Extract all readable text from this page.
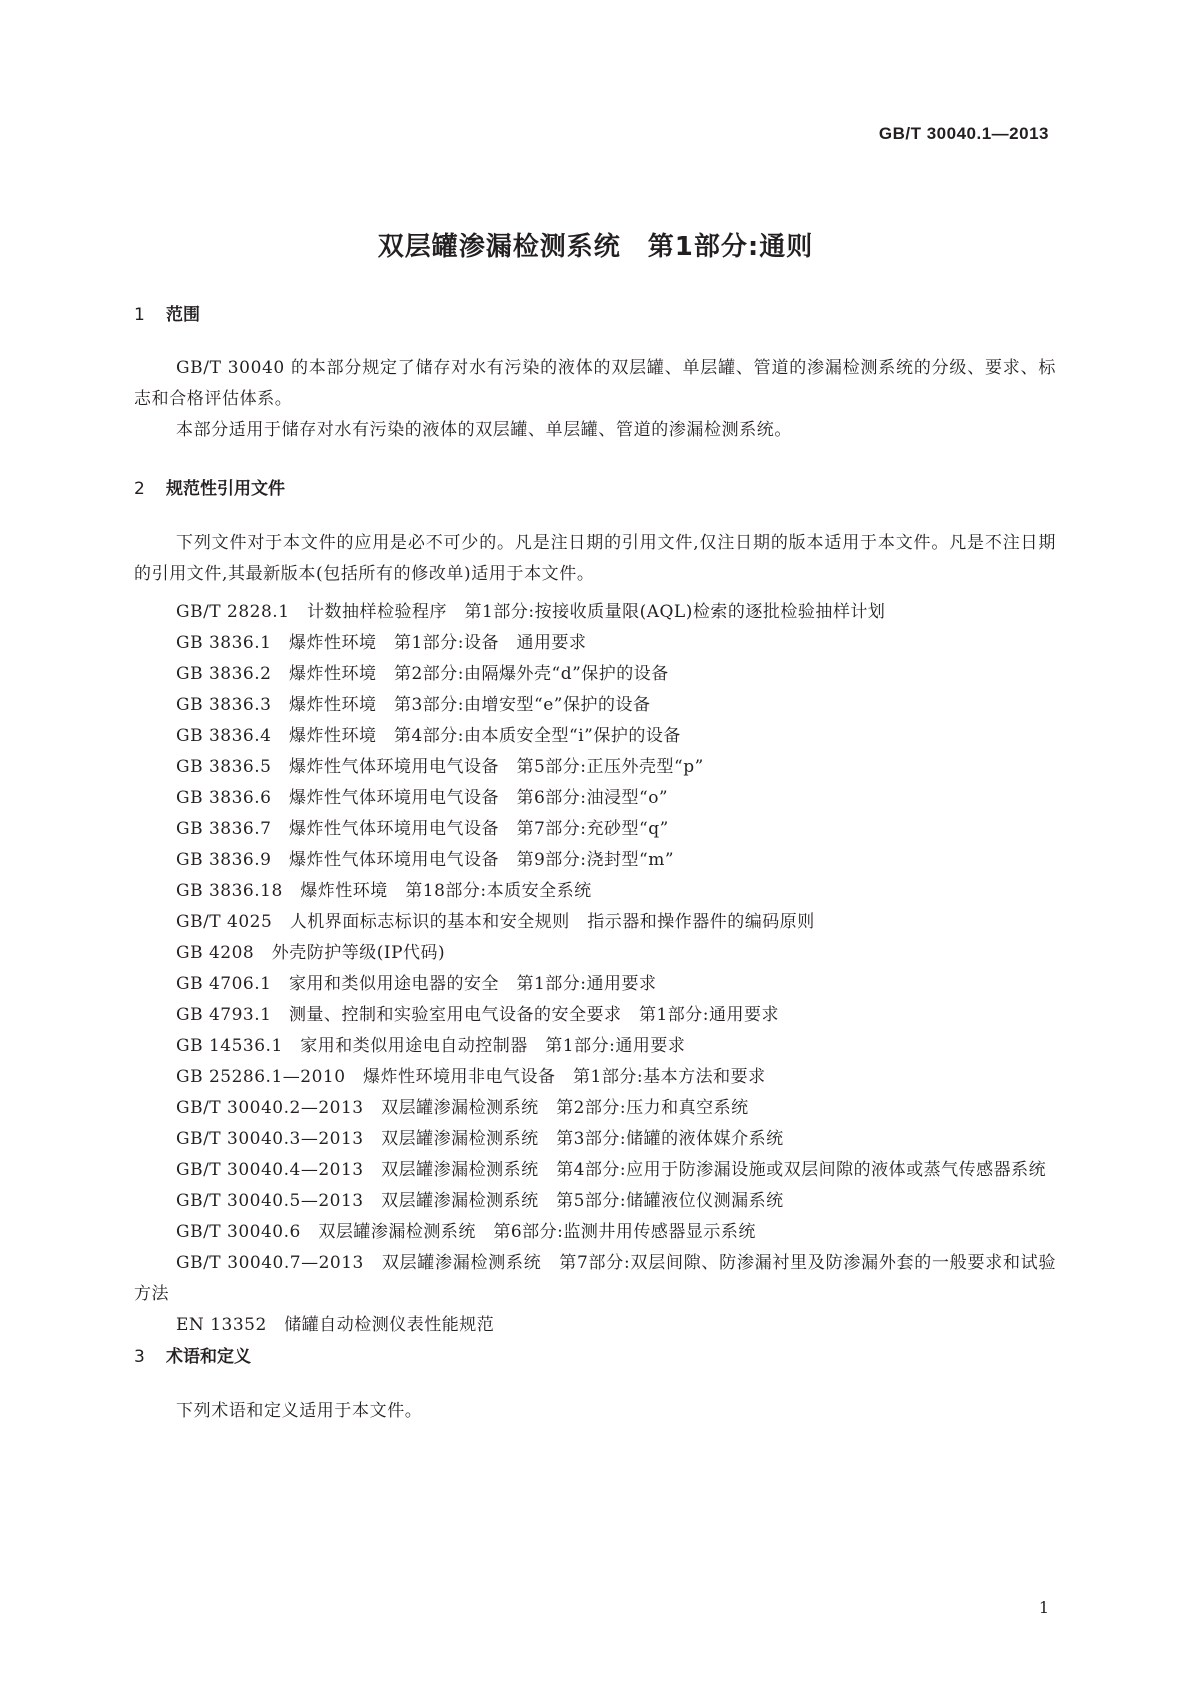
GB/T 30040.1—2013
双层罐渗漏检测系统　第1部分:通则
1 范围
GB/T 30040 的本部分规定了储存对水有污染的液体的双层罐、单层罐、管道的渗漏检测系统的分级、要求、标志和合格评估体系。
本部分适用于储存对水有污染的液体的双层罐、单层罐、管道的渗漏检测系统。
2 规范性引用文件
下列文件对于本文件的应用是必不可少的。凡是注日期的引用文件,仅注日期的版本适用于本文件。凡是不注日期的引用文件,其最新版本(包括所有的修改单)适用于本文件。
GB/T 2828.1　计数抽样检验程序　第1部分:按接收质量限(AQL)检索的逐批检验抽样计划
GB 3836.1　爆炸性环境　第1部分:设备　通用要求
GB 3836.2　爆炸性环境　第2部分:由隔爆外壳“d”保护的设备
GB 3836.3　爆炸性环境　第3部分:由增安型“e”保护的设备
GB 3836.4　爆炸性环境　第4部分:由本质安全型“i”保护的设备
GB 3836.5　爆炸性气体环境用电气设备　第5部分:正压外壳型“p”
GB 3836.6　爆炸性气体环境用电气设备　第6部分:油浸型“o”
GB 3836.7　爆炸性气体环境用电气设备　第7部分:充砂型“q”
GB 3836.9　爆炸性气体环境用电气设备　第9部分:浇封型“m”
GB 3836.18　爆炸性环境　第18部分:本质安全系统
GB/T 4025　人机界面标志标识的基本和安全规则　指示器和操作器件的编码原则
GB 4208　外壳防护等级(IP代码)
GB 4706.1　家用和类似用途电器的安全　第1部分:通用要求
GB 4793.1　测量、控制和实验室用电气设备的安全要求　第1部分:通用要求
GB 14536.1　家用和类似用途电自动控制器　第1部分:通用要求
GB 25286.1—2010　爆炸性环境用非电气设备　第1部分:基本方法和要求
GB/T 30040.2—2013　双层罐渗漏检测系统　第2部分:压力和真空系统
GB/T 30040.3—2013　双层罐渗漏检测系统　第3部分:储罐的液体媒介系统
GB/T 30040.4—2013　双层罐渗漏检测系统　第4部分:应用于防渗漏设施或双层间隙的液体或蒸气传感器系统
GB/T 30040.5—2013　双层罐渗漏检测系统　第5部分:储罐液位仪测漏系统
GB/T 30040.6　双层罐渗漏检测系统　第6部分:监测井用传感器显示系统
GB/T 30040.7—2013　双层罐渗漏检测系统　第7部分:双层间隙、防渗漏衬里及防渗漏外套的一般要求和试验方法
EN 13352　储罐自动检测仪表性能规范
3 术语和定义
下列术语和定义适用于本文件。
1
